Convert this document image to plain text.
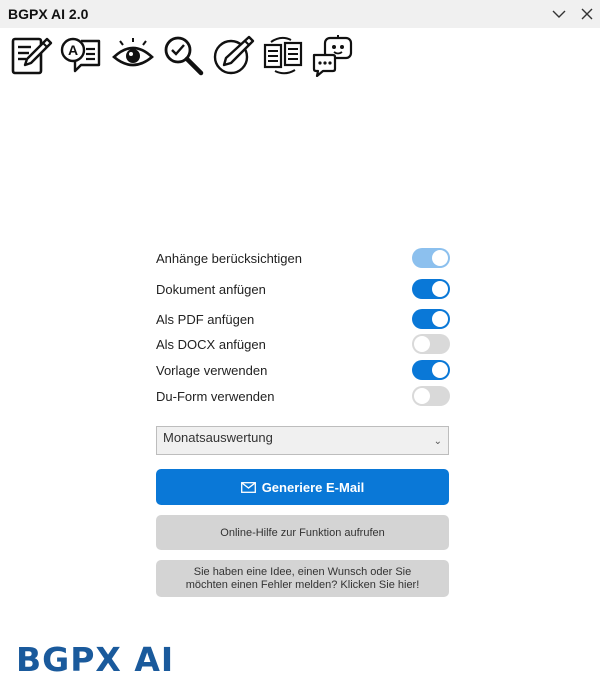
BGPX AI 2.0
A
Anhänge berücksichtigen
Dokument anfügen
Als PDF anfügen
Als DOCX anfügen
Vorlage verwenden
Du-Form verwenden
Monatsauswertung	⌄
Generiere E-Mail
Online-Hilfe zur Funktion aufrufen
Sie haben eine Idee, einen Wunsch oder Sie möchten einen Fehler melden? Klicken Sie hier!
BGPX AI
